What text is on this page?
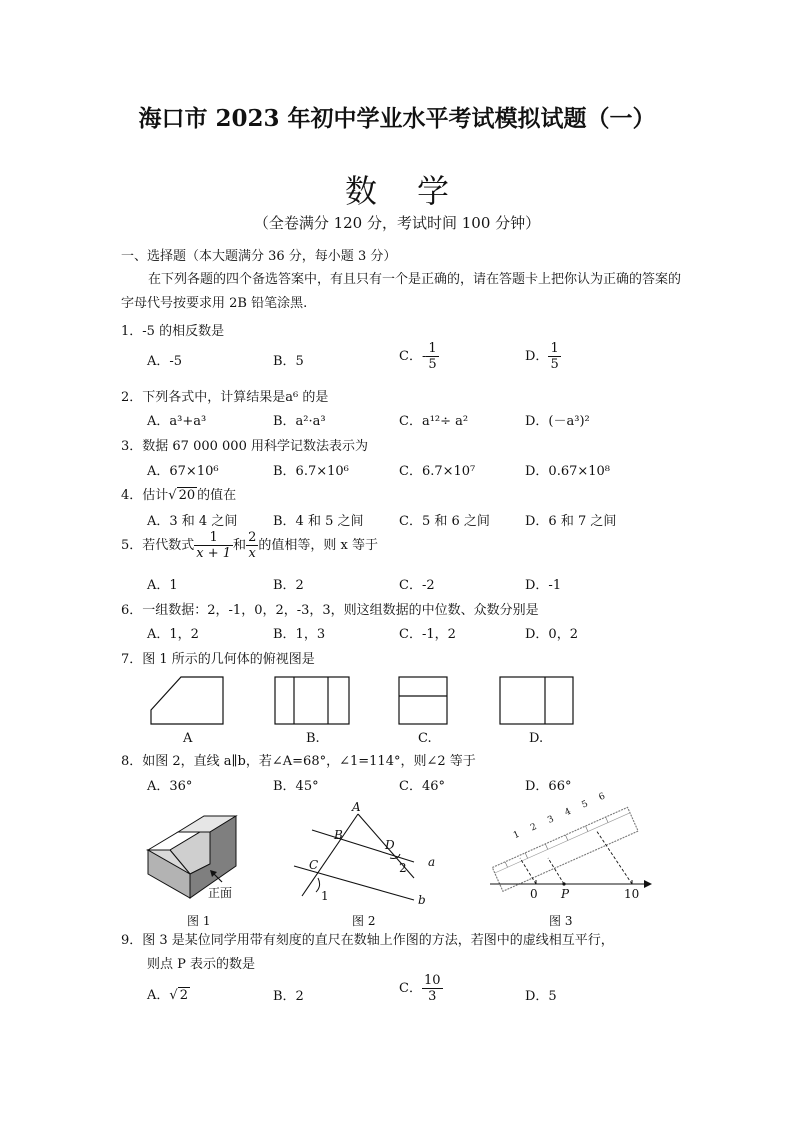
海口市 2023 年初中学业水平考试模拟试题（一）
数学
（全卷满分 120 分，考试时间 100 分钟）
一、选择题（本大题满分 36 分，每小题 3 分）
在下列各题的四个备选答案中，有且只有一个是正确的，请在答题卡上把你认为正确的答案的字母代号按要求用 2B 铅笔涂黑.
1．-5 的相反数是
A．-5	B．5	C．- $\frac{1}{5}$	D． $\frac{1}{5}$
2．下列各式中，计算结果是a⁶ 的是
A．a³+a³	B．a²·a³	C．a¹²÷ a²	D．(－a³)²
3．数据 67 000 000 用科学记数法表示为
A．67×10⁶	B．6.7×10⁶	C．6.7×10⁷	D．0.67×10⁸
4．估计√ 20 的值在
A．3 和 4 之间	B．4 和 5 之间	C．5 和 6 之间	D．6 和 7 之间
5．若代数式 $\frac{1}{x + 1}$ 和 $\frac{2}{x}$ 的值相等，则 x 等于
A．1	B．2	C．-2	D．-1
6．一组数据：2，-1，0，2，-3，3，则这组数据的中位数、众数分别是
A．1，2	B．1，3	C．-1，2	D．0，2
7．图 1 所示的几何体的俯视图是
A	B.	C.	D.
8．如图 2，直线 a∥b，若∠A=68°，∠1=114°，则∠2 等于
A．36°	B．45°	C．46°	D．66°
正面
图 1
A
B
D
C	2 a
1	b
图 2
123456
0 P	10
图 3
9．图 3 是某位同学用带有刻度的直尺在数轴上作图的方法，若图中的虚线相互平行，
则点 P 表示的数是
A．√ 2	B．2
C． $\frac{10}{3}$	D．5
